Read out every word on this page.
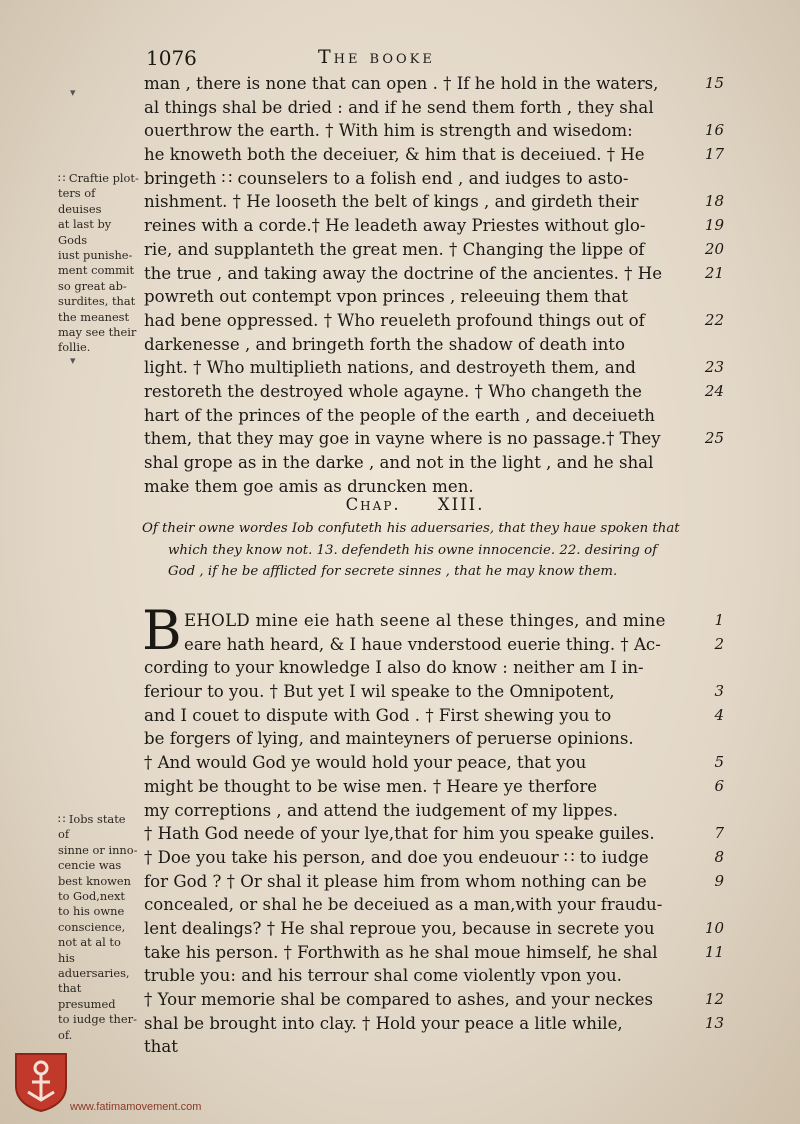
1076	The booke
∷ Craftie plot-
ters of deuises
at last by Gods
iust punishe-
ment commit
so great ab-
surdites, that
the meanest
may see their
follie.
man , there is none that can open . † If he hold in the waters,	15
al things shal be dried : and if he send them forth , they shal
ouerthrow the earth. † With him is strength and wisedom:	16
he knoweth both the deceiuer, & him that is deceiued. † He	17
bringeth ∷ counselers to a folish end , and iudges to asto-
nishment. † He looseth the belt of kings , and girdeth their	18
reines with a corde.† He leadeth away Priestes without glo-	19
rie, and supplanteth the great men. † Changing the lippe of	20
the true , and taking away the doctrine of the ancientes. † He	21
powreth out contempt vpon princes , releeuing them that
had bene oppressed. † Who reueleth profound things out of	22
darkenesse , and bringeth forth the shadow of death into
light. † Who multiplieth nations, and destroyeth them, and	23
restoreth the destroyed whole agayne. † Who changeth the	24
hart of the princes of the people of the earth , and deceiueth
them, that they may goe in vayne where is no passage.† They	25
shal grope as in the darke , and not in the light , and he shal
make them goe amis as druncken men.
Chap. XIII.
Of their owne wordes Iob confuteth his aduersaries, that they haue spoken that
which they know not. 13. defendeth his owne innocencie. 22. desiring of
God , if he be afflicted for secrete sinnes , that he may know them.
B EHOLD mine eie hath seene al these thinges, and mine	1
eare hath heard, & I haue vnderstood euerie thing. † Ac-	2
cording to your knowledge I also do know : neither am I in-
feriour to you. † But yet I wil speake to the Omnipotent,	3
and I couet to dispute with God . † First shewing you to	4
be forgers of lying, and mainteyners of peruerse opinions.
† And would God ye would hold your peace, that you	5
might be thought to be wise men. † Heare ye therfore	6
my correptions , and attend the iudgement of my lippes.
† Hath God neede of your lye,that for him you speake guiles.	7
† Doe you take his person, and doe you endeuour ∷ to iudge	8
for God ? † Or shal it please him from whom nothing can be	9
concealed, or shal he be deceiued as a man,with your fraudu-
lent dealings? † He shal reproue you, because in secrete you	10
take his person. † Forthwith as he shal moue himself, he shal	11
truble you: and his terrour shal come violently vpon you.
† Your memorie shal be compared to ashes, and your neckes	12
shal be brought into clay. † Hold your peace a litle while,	13
that
∷ Iobs state of
sinne or inno-
cencie was
best knowen
to God,next
to his owne
conscience,
not at al to his
aduersaries,
that presumed
to iudge ther-
of.
▾
▾
www.fatimamovement.com
